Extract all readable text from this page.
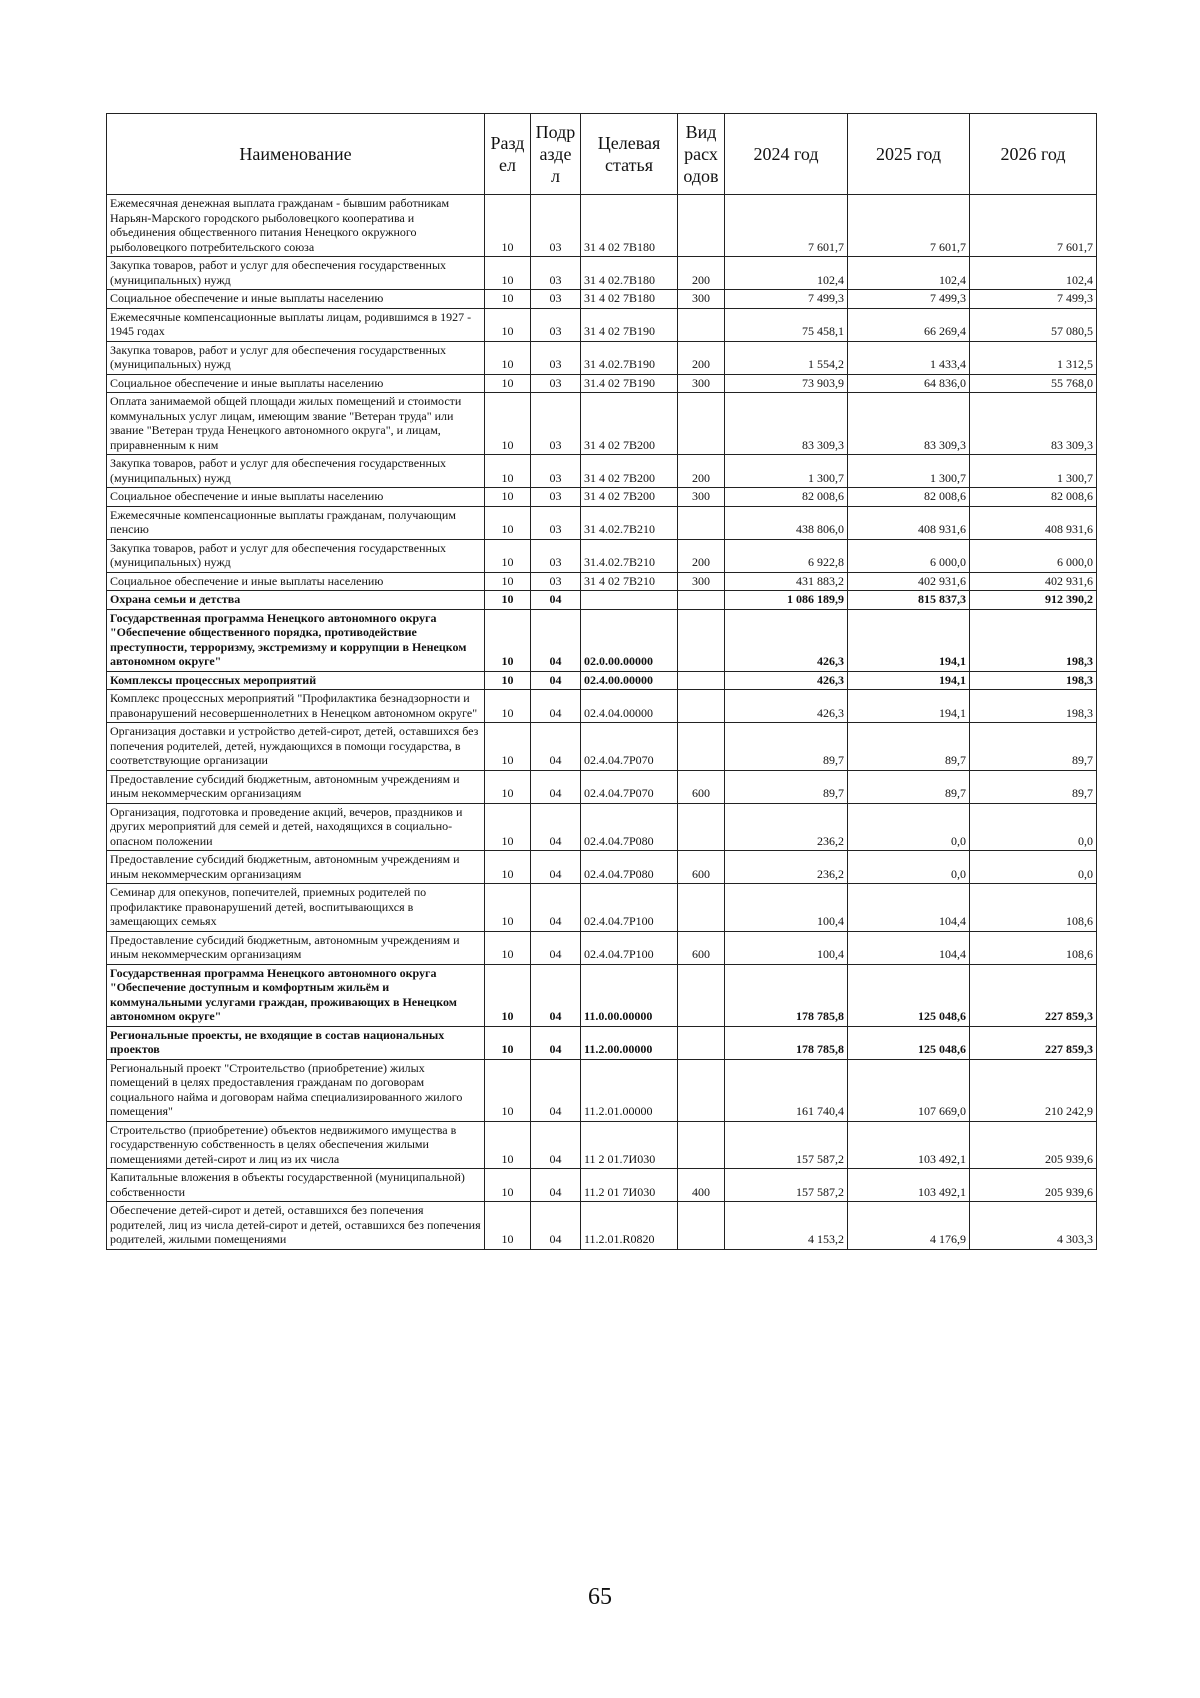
Наименование	Разд ел	Подр азде л	Целевая статья	Вид расх одов	2024 год	2025 год	2026 год
Ежемесячная денежная выплата гражданам - бывшим работникам Нарьян-Марского городского рыболовецкого кооператива и объединения общественного питания Ненецкого окружного рыболовецкого потребительского союза	10	03	31 4 02 7В180		7 601,7	7 601,7	7 601,7
Закупка товаров, работ и услуг для обеспечения государственных (муниципальных) нужд	10	03	31 4 02.7В180	200	102,4	102,4	102,4
Социальное обеспечение и иные выплаты населению	10	03	31 4 02 7В180	300	7 499,3	7 499,3	7 499,3
Ежемесячные компенсационные выплаты лицам, родившимся в 1927 - 1945 годах	10	03	31 4 02 7В190		75 458,1	66 269,4	57 080,5
Закупка товаров, работ и услуг для обеспечения государственных (муниципальных) нужд	10	03	31 4.02.7В190	200	1 554,2	1 433,4	1 312,5
Социальное обеспечение и иные выплаты населению	10	03	31.4 02 7В190	300	73 903,9	64 836,0	55 768,0
Оплата занимаемой общей площади жилых помещений и стоимости коммунальных услуг лицам, имеющим звание "Ветеран труда" или звание "Ветеран труда Ненецкого автономного округа", и лицам, приравненным к ним	10	03	31 4 02 7В200		83 309,3	83 309,3	83 309,3
Закупка товаров, работ и услуг для обеспечения государственных (муниципальных) нужд	10	03	31 4 02 7В200	200	1 300,7	1 300,7	1 300,7
Социальное обеспечение и иные выплаты населению	10	03	31 4 02 7В200	300	82 008,6	82 008,6	82 008,6
Ежемесячные компенсационные выплаты гражданам, получающим пенсию	10	03	31 4.02.7В210		438 806,0	408 931,6	408 931,6
Закупка товаров, работ и услуг для обеспечения государственных (муниципальных) нужд	10	03	31.4.02.7В210	200	6 922,8	6 000,0	6 000,0
Социальное обеспечение и иные выплаты населению	10	03	31 4 02 7В210	300	431 883,2	402 931,6	402 931,6
Охрана семьи и детства	10	04			1 086 189,9	815 837,3	912 390,2
Государственная программа Ненецкого автономного округа "Обеспечение общественного порядка, противодействие преступности, терроризму, экстремизму и коррупции в Ненецком автономном округе"	10	04	02.0.00.00000		426,3	194,1	198,3
Комплексы процессных мероприятий	10	04	02.4.00.00000		426,3	194,1	198,3
Комплекс процессных мероприятий "Профилактика безнадзорности и правонарушений несовершеннолетних в Ненецком автономном округе"	10	04	02.4.04.00000		426,3	194,1	198,3
Организация доставки и устройство детей-сирот, детей, оставшихся без попечения родителей, детей, нуждающихся в помощи государства, в соответствующие организации	10	04	02.4.04.7Р070		89,7	89,7	89,7
Предоставление субсидий бюджетным, автономным учреждениям и иным некоммерческим организациям	10	04	02.4.04.7Р070	600	89,7	89,7	89,7
Организация, подготовка и проведение акций, вечеров, праздников и других мероприятий для семей и детей, находящихся в социально-опасном положении	10	04	02.4.04.7Р080		236,2	0,0	0,0
Предоставление субсидий бюджетным, автономным учреждениям и иным некоммерческим организациям	10	04	02.4.04.7Р080	600	236,2	0,0	0,0
Семинар для опекунов, попечителей, приемных родителей по профилактике правонарушений детей, воспитывающихся в замещающих семьях	10	04	02.4.04.7Р100		100,4	104,4	108,6
Предоставление субсидий бюджетным, автономным учреждениям и иным некоммерческим организациям	10	04	02.4.04.7Р100	600	100,4	104,4	108,6
Государственная программа Ненецкого автономного округа "Обеспечение доступным и комфортным жильём и коммунальными услугами граждан, проживающих в Ненецком автономном округе"	10	04	11.0.00.00000		178 785,8	125 048,6	227 859,3
Региональные проекты, не входящие в состав национальных проектов	10	04	11.2.00.00000		178 785,8	125 048,6	227 859,3
Региональный проект "Строительство (приобретение) жилых помещений в целях предоставления гражданам по договорам социального найма и договорам найма специализированного жилого помещения"	10	04	11.2.01.00000		161 740,4	107 669,0	210 242,9
Строительство (приобретение) объектов недвижимого имущества в государственную собственность в целях обеспечения жилыми помещениями детей-сирот и лиц из их числа	10	04	11 2 01.7И030		157 587,2	103 492,1	205 939,6
Капитальные вложения в объекты государственной (муниципальной) собственности	10	04	11.2 01 7И030	400	157 587,2	103 492,1	205 939,6
Обеспечение детей-сирот и детей, оставшихся без попечения родителей, лиц из числа детей-сирот и детей, оставшихся без попечения родителей, жилыми помещениями	10	04	11.2.01.R0820		4 153,2	4 176,9	4 303,3
65
